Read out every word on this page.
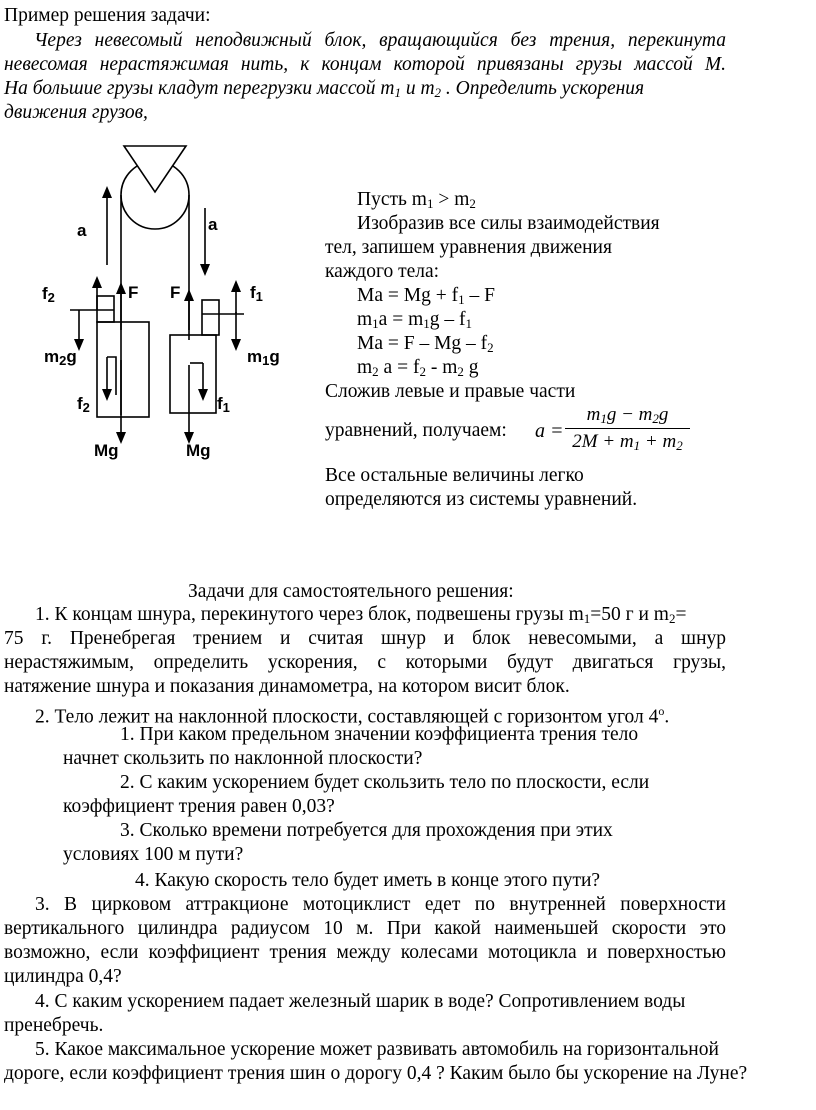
Пример решения задачи:
Через невесомый неподвижный блок, вращающийся без трения, перекинута
невесомая нерастяжимая нить, к концам которой привязаны грузы массой М.
На большие грузы кладут перегрузки массой $m_1$ и $m_2$ . Определить ускорения
движения грузов,
a	a
$f_2$	F F	$f_1$
$m_2g$	$m_1g$
$f_2$	$f_1$
Mg	Mg
Пусть $m_1 > m_2$
Изобразив все силы взаимодействия
тел, запишем уравнения движения
каждого тела:
Ма = Мg + $f_1$ – F
$m_1a = m_1g - f_1$
Ма = F – Мg – $f_2$
$m_2$ $a = f_2 - m_2$ g
Сложив левые и правые части
уравнений, получаем: $a = \frac{m_1g - m_2g}{2M + m_1 + m_2}$
Все остальные величины легко
определяются из системы уравнений.
Задачи для самостоятельного решения:
1. К концам шнура, перекинутого через блок, подвешены грузы $m_1=50$ г и $m_2=$
75 г. Пренебрегая трением и считая шнур и блок невесомыми, а шнур
нерастяжимым, определить ускорения, с которыми будут двигаться грузы,
натяжение шнура и показания динамометра, на котором висит блок.
2. Тело лежит на наклонной плоскости, составляющей с горизонтом угол $4^о$.
1. При каком предельном значении коэффициента трения тело
начнет скользить по наклонной плоскости?
2. С каким ускорением будет скользить тело по плоскости, если
коэффициент трения равен 0,03?
3. Сколько времени потребуется для прохождения при этих
условиях 100 м пути?
4. Какую скорость тело будет иметь в конце этого пути?
3. В цирковом аттракционе мотоциклист едет по внутренней поверхности
вертикального цилиндра радиусом 10 м. При какой наименьшей скорости это
возможно, если коэффициент трения между колесами мотоцикла и поверхностью
цилиндра 0,4?
4. С каким ускорением падает железный шарик в воде? Сопротивлением воды
пренебречь.
5. Какое максимальное ускорение может развивать автомобиль на горизонтальной
дороге, если коэффициент трения шин о дорогу 0,4 ? Каким было бы ускорение на Луне?
